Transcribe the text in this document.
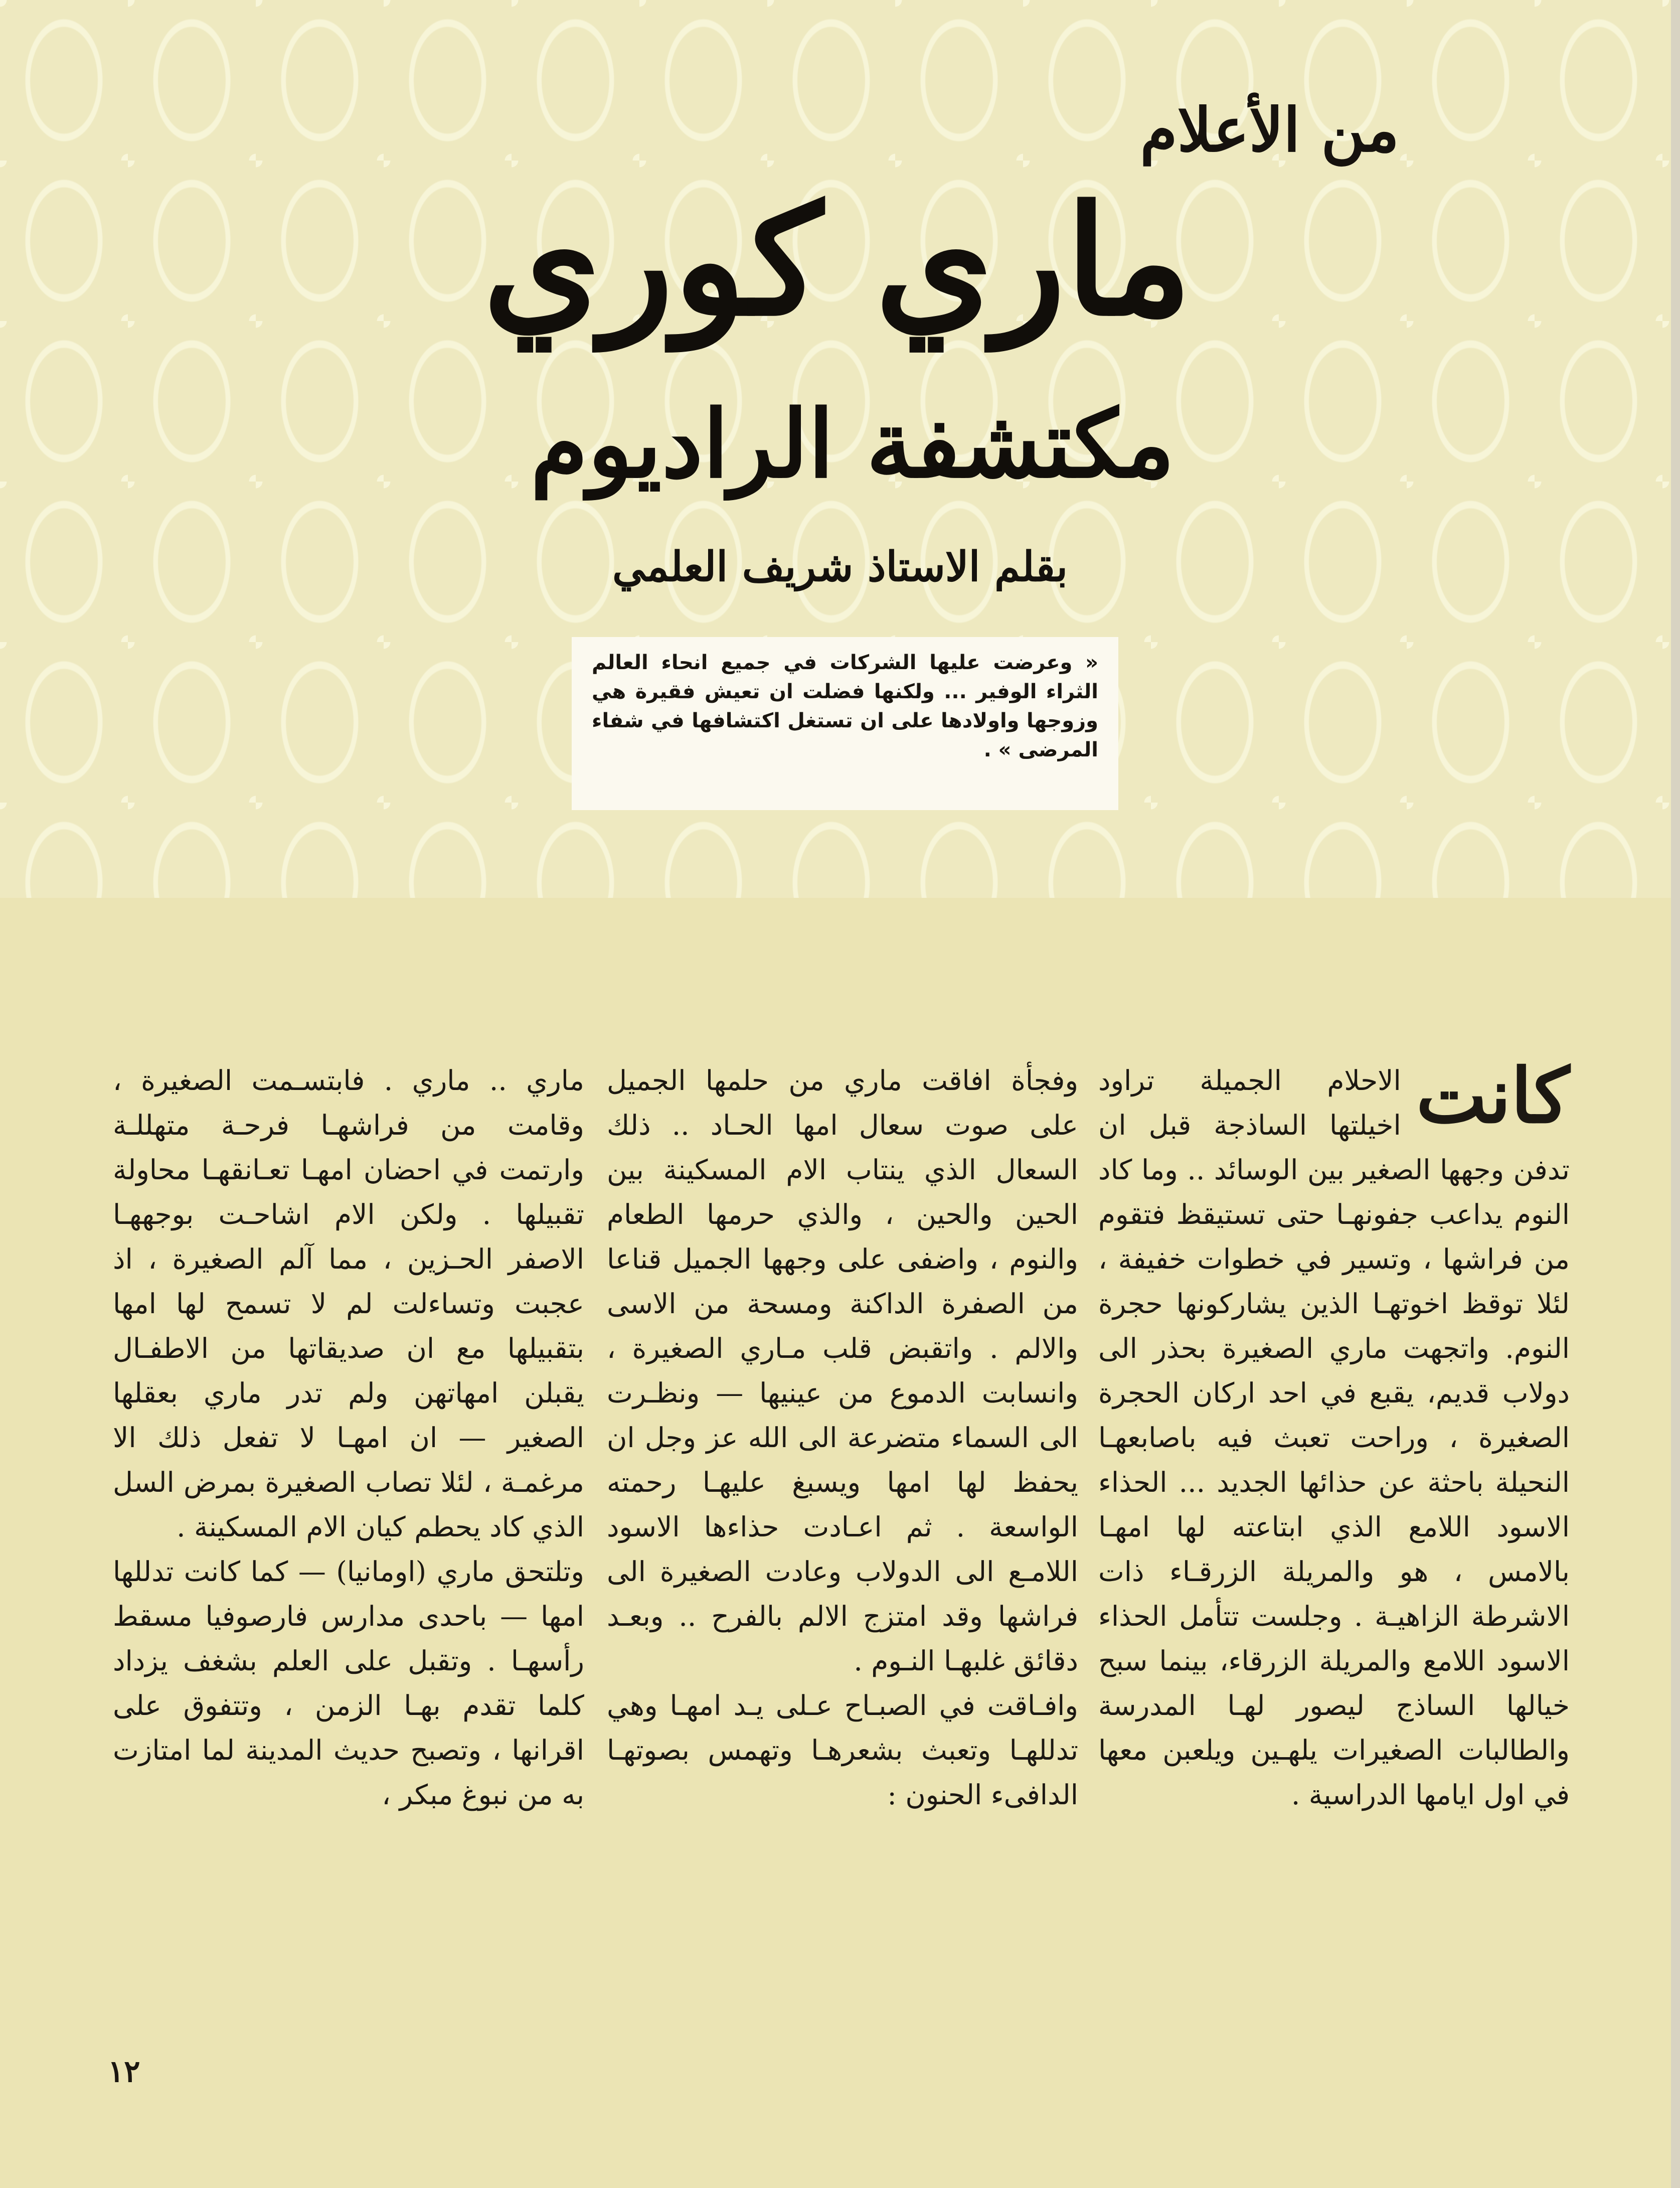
من الأعلام
ماري كوري
مكتشفة الراديوم
بقلم الاستاذ شريف العلمي
« وعرضت عليها الشركات في جميع انحاء العالم الثراء الوفير ... ولكنها فضلت ان تعيش فقيرة هي وزوجها واولادها على ان تستغل اكتشافها في شفاء المرضى » .
كانت

الاحلام الجميلة تراود اخيلتها الساذجة قبل ان تدفن وجهها الصغير بين الوسائد .. وما كاد النوم يداعب جفونهـا حتى تستيقظ فتقوم من فراشها ، وتسير في خطوات خفيفة ، لئلا توقظ اخوتهـا الذين يشاركونها حجرة النوم. واتجهت ماري الصغيرة بحذر الى دولاب قديم، يقبع في احد اركان الحجرة الصغيرة ، وراحت تعبث فيه باصابعهـا النحيلة باحثة عن حذائها الجديد ... الحذاء الاسود اللامع الذي ابتاعته لها امهـا بالامس ، هو والمريلة الزرقـاء ذات الاشرطة الزاهيـة . وجلست تتأمل الحذاء الاسود اللامع والمريلة الزرقاء، بينما سبح خيالها الساذج ليصور لهـا المدرسة والطالبات الصغيرات يلهـين ويلعبن معها في اول ايامها الدراسية .

وفجأة افاقت ماري من حلمها الجميل على صوت سعال امها الحـاد .. ذلك السعال الذي ينتاب الام المسكينة بين الحين والحين ، والذي حرمها الطعام والنوم ، واضفى على وجهها الجميل قناعا من الصفرة الداكنة ومسحة من الاسى والالم . واتقبض قلب مـاري الصغيرة ، وانسابت الدموع من عينيها — ونظـرت الى السماء متضرعة الى الله عز وجل ان يحفظ لها امها ويسبغ عليهـا رحمته الواسعة . ثم اعـادت حذاءها الاسود اللامـع الى الدولاب وعادت الصغيرة الى فراشها وقد امتزج الالم بالفرح .. وبعـد دقائق غلبهـا النـوم .

وافـاقت في الصبـاح عـلى يـد امهـا وهي تدللهـا وتعبث بشعرهـا وتهمس بصوتهـا الدافىء الحنون :

ماري .. ماري . فابتسـمت الصغيرة ، وقامت من فراشهـا فرحـة متهللـة وارتمت في احضان امهـا تعـانقهـا محاولة تقبيلها . ولكن الام اشاحـت بوجههـا الاصفر الحـزين ، مما آلم الصغيرة ، اذ عجبت وتساءلت لم لا تسمح لها امها بتقبيلها مع ان صديقاتها من الاطفـال يقبلن امهاتهن ولم تدر ماري بعقلها الصغير — ان امهـا لا تفعل ذلك الا مرغمـة ، لئلا تصاب الصغيرة بمرض السل الذي كاد يحطم كيان الام المسكينة .

وتلتحق ماري (اومانيا) — كما كانت تدللها امها — باحدى مدارس فارصوفيا مسقط رأسهـا . وتقبل على العلم بشغف يزداد كلما تقدم بهـا الزمن ، وتتفوق على اقرانها ، وتصبح حديث المدينة لما امتازت به من نبوغ مبكر ،

١٢
